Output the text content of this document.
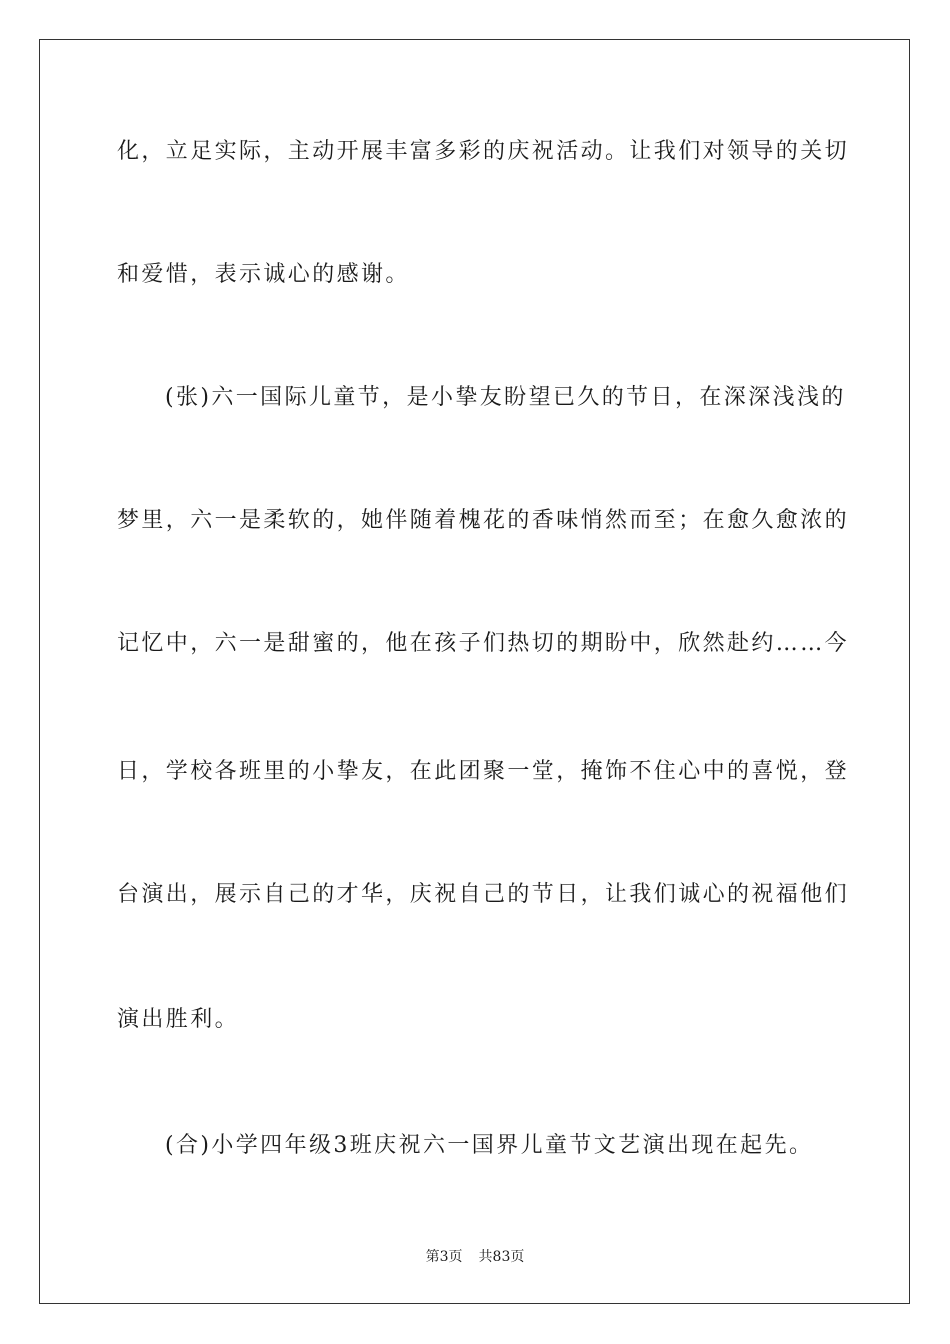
化，立足实际，主动开展丰富多彩的庆祝活动。让我们对领导的关切
和爱惜，表示诚心的感谢。
(张)六一国际儿童节，是小挚友盼望已久的节日，在深深浅浅的
梦里，六一是柔软的，她伴随着槐花的香味悄然而至；在愈久愈浓的
记忆中，六一是甜蜜的，他在孩子们热切的期盼中，欣然赴约……今
日，学校各班里的小挚友，在此团聚一堂，掩饰不住心中的喜悦，登
台演出，展示自己的才华，庆祝自己的节日，让我们诚心的祝福他们
演出胜利。
(合)小学四年级3班庆祝六一国界儿童节文艺演出现在起先。
第3页 共83页
